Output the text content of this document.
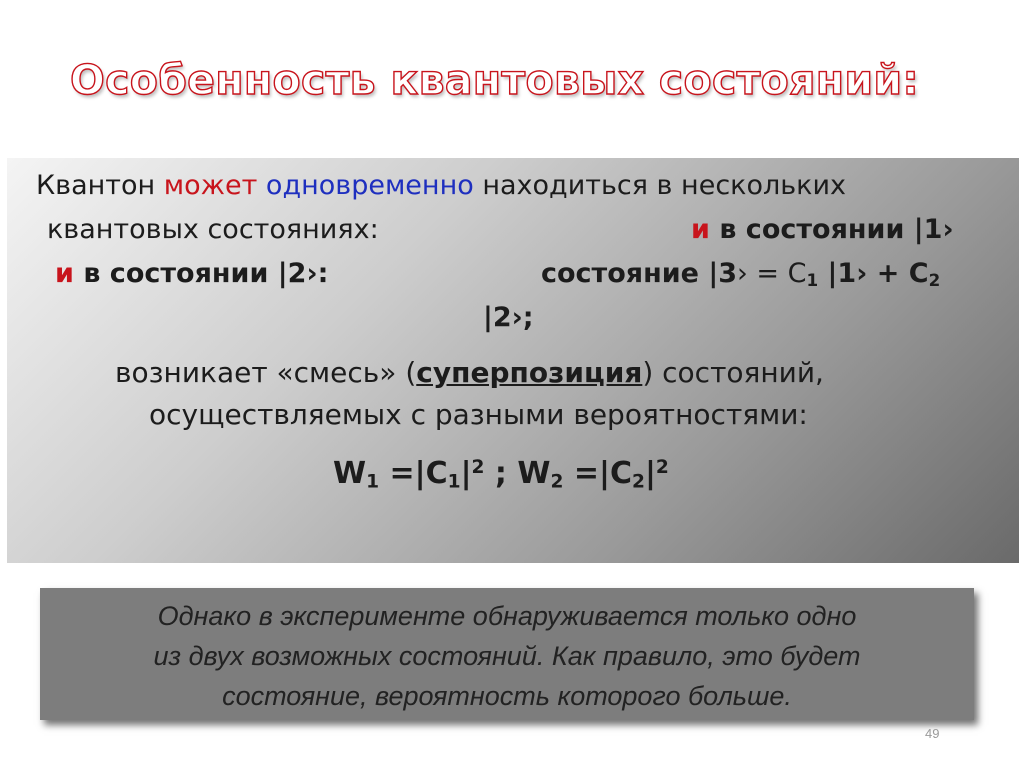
Особенность квантовых состояний:
Квантон может одновременно находиться в нескольких
квантовых состояниях:	и в состоянии |1›
и в состоянии |2›:	состояние |3› = $C_1$ |1› + $C_2$
|2›;
возникает «смесь» (суперпозиция) состояний,
осуществляемых с разными вероятностями:
$W_1 =|C_1|^2$ ; $W_2 =|C_2|^2$
Однако в эксперименте обнаруживается только одно
из двух возможных состояний. Как правило, это будет
состояние, вероятность которого больше.
49
